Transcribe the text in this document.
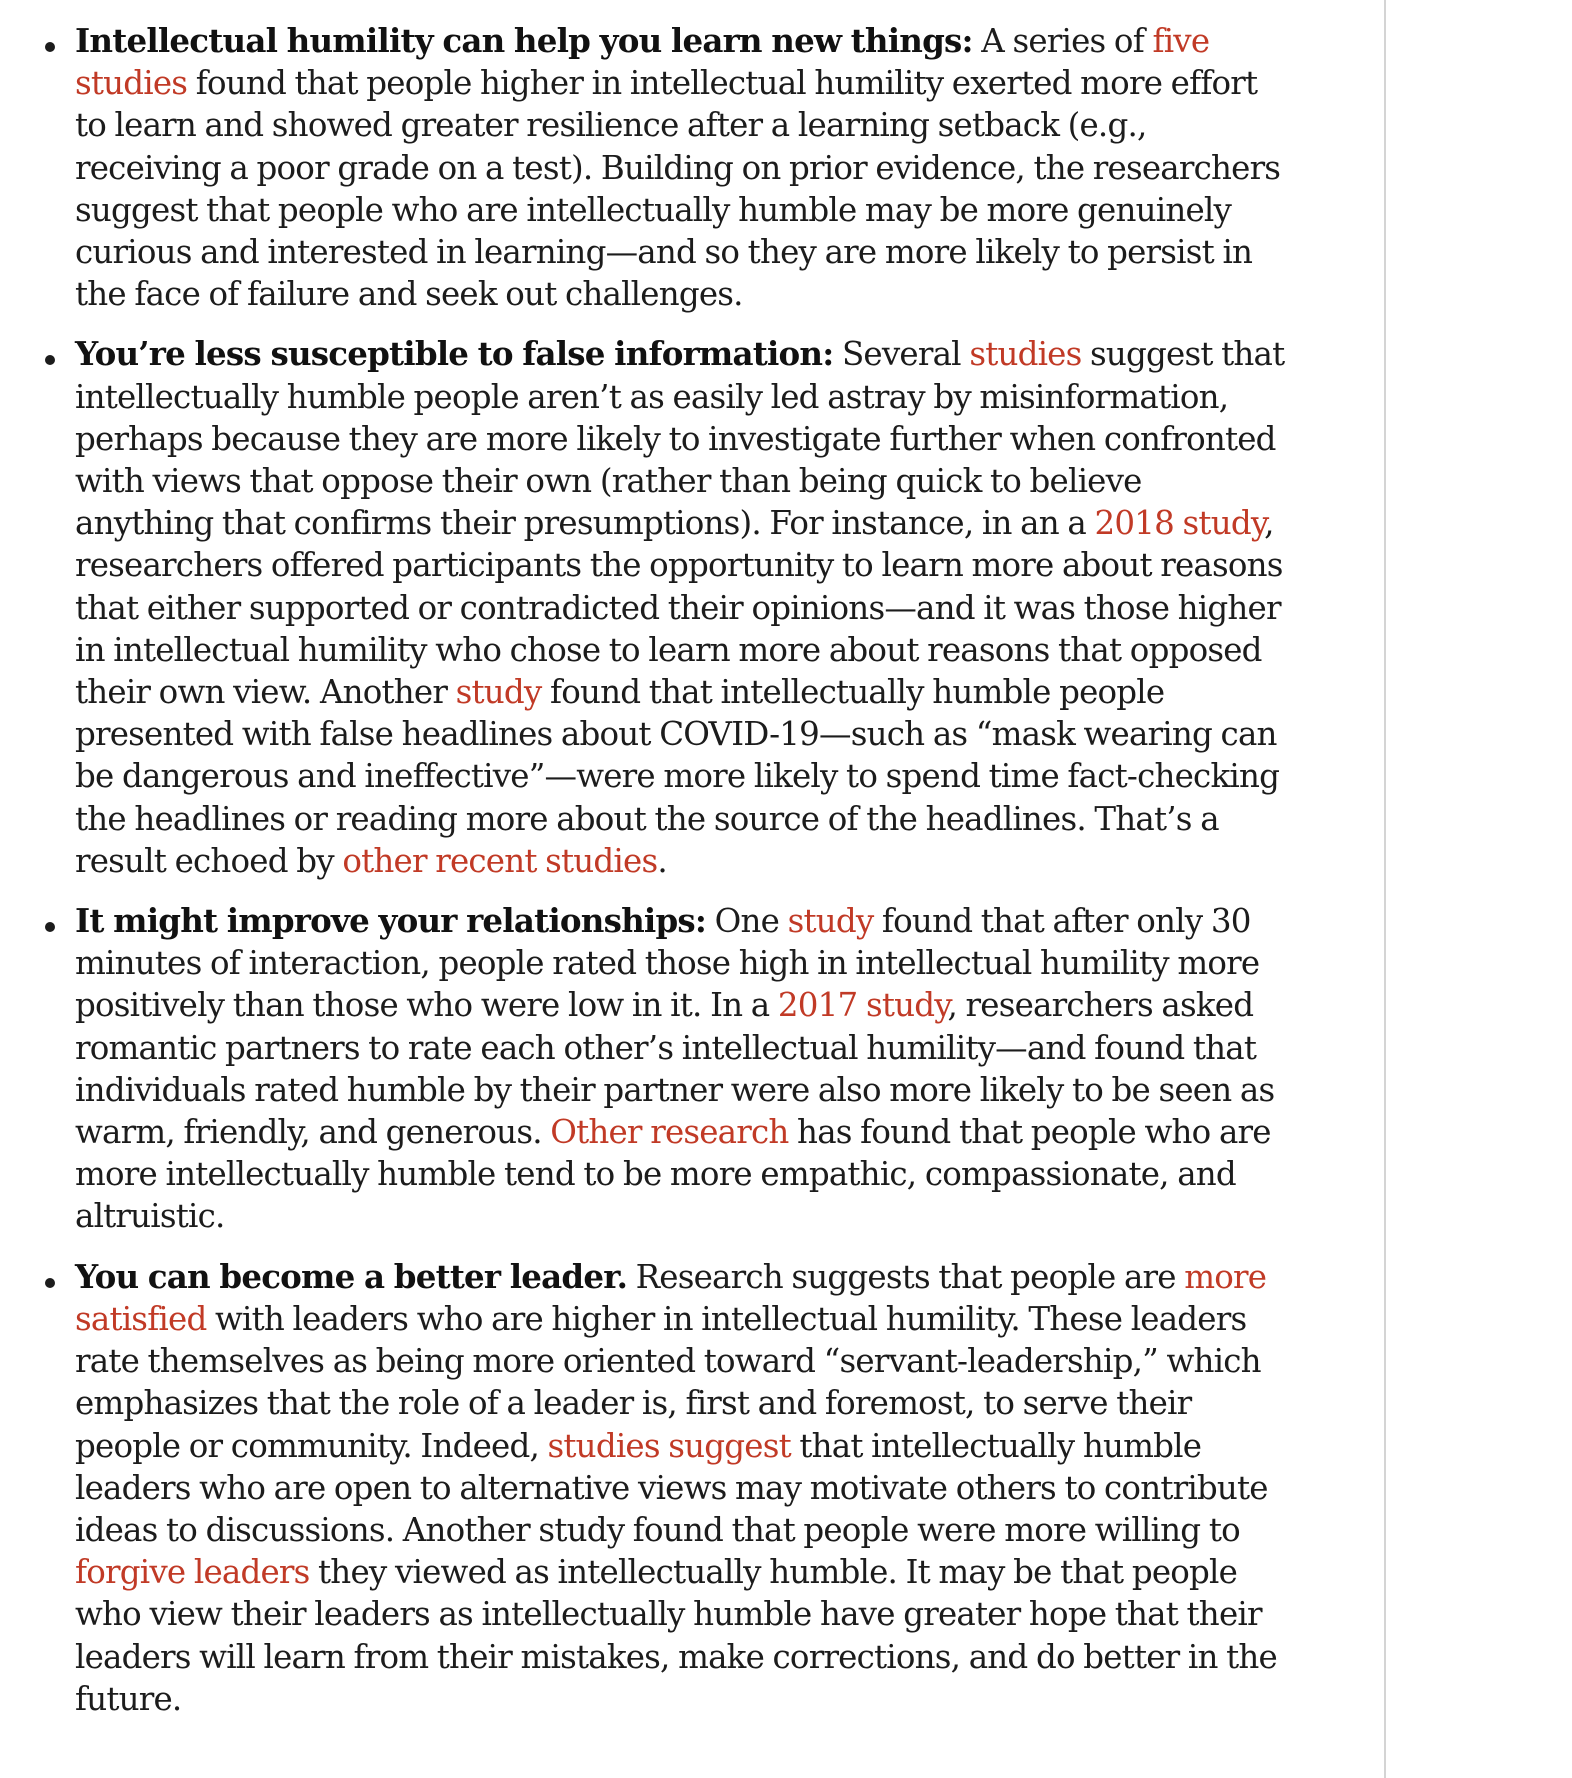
Intellectual humility can help you learn new things: A series of five studies found that people higher in intellectual humility exerted more effort to learn and showed greater resilience after a learning setback (e.g., receiving a poor grade on a test). Building on prior evidence, the researchers suggest that people who are intellectually humble may be more genuinely curious and interested in learning—and so they are more likely to persist in the face of failure and seek out challenges.
You’re less susceptible to false information: Several studies suggest that intellectually humble people aren’t as easily led astray by misinformation, perhaps because they are more likely to investigate further when confronted with views that oppose their own (rather than being quick to believe anything that confirms their presumptions). For instance, in an a 2018 study, researchers offered participants the opportunity to learn more about reasons that either supported or contradicted their opinions—and it was those higher in intellectual humility who chose to learn more about reasons that opposed their own view. Another study found that intellectually humble people presented with false headlines about COVID-19—such as “mask wearing can be dangerous and ineffective”—were more likely to spend time fact-checking the headlines or reading more about the source of the headlines. That’s a result echoed by other recent studies.
It might improve your relationships: One study found that after only 30 minutes of interaction, people rated those high in intellectual humility more positively than those who were low in it. In a 2017 study, researchers asked romantic partners to rate each other’s intellectual humility—and found that individuals rated humble by their partner were also more likely to be seen as warm, friendly, and generous. Other research has found that people who are more intellectually humble tend to be more empathic, compassionate, and altruistic.
You can become a better leader. Research suggests that people are more satisfied with leaders who are higher in intellectual humility. These leaders rate themselves as being more oriented toward “servant-leadership,” which emphasizes that the role of a leader is, first and foremost, to serve their people or community. Indeed, studies suggest that intellectually humble leaders who are open to alternative views may motivate others to contribute ideas to discussions. Another study found that people were more willing to forgive leaders they viewed as intellectually humble. It may be that people who view their leaders as intellectually humble have greater hope that their leaders will learn from their mistakes, make corrections, and do better in the future.
